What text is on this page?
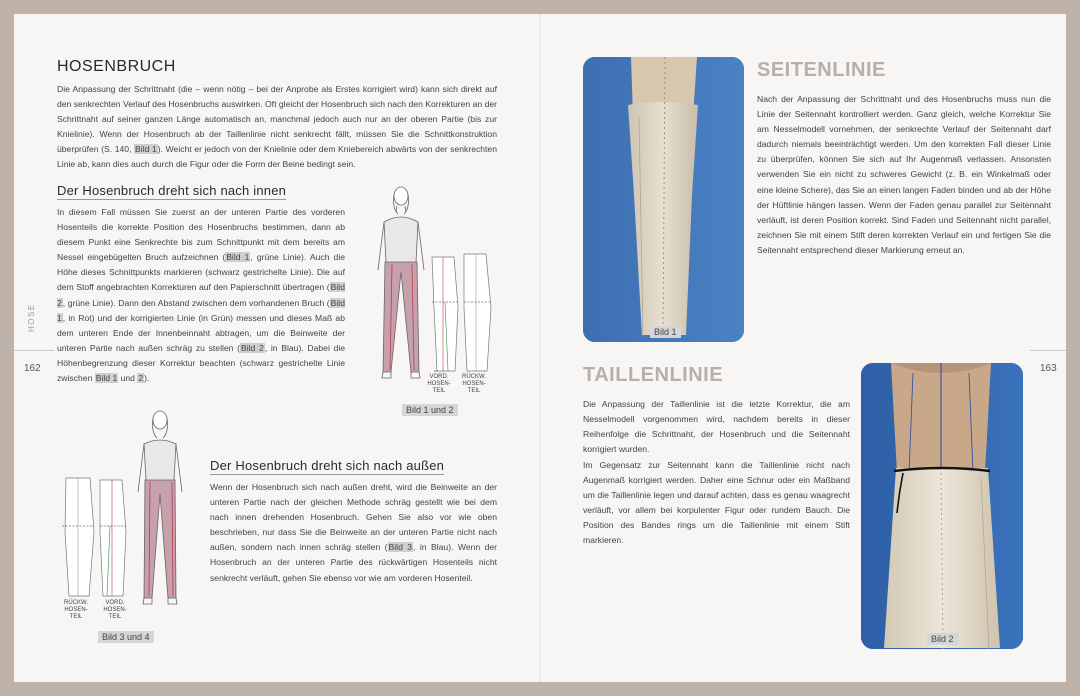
HOSENBRUCH

Die Anpassung der Schrittnaht (die – wenn nötig – bei der Anprobe als Erstes korrigiert wird) kann sich direkt auf den senkrechten Verlauf des Hosenbruchs auswirken. Oft gleicht der Hosenbruch sich nach den Korrekturen an der Schrittnaht auf seiner ganzen Länge automatisch an, manchmal jedoch auch nur an der oberen Partie (bis zur Knielinie). Wenn der Hosenbruch ab der Taillenlinie nicht senkrecht fällt, müssen Sie die Schnittkonstruktion überprüfen (S. 140, Bild 1). Weicht er jedoch von der Knielinie oder dem Kniebereich abwärts von der senkrechten Linie ab, kann dies auch durch die Figur oder die Form der Beine bedingt sein.

Der Hosenbruch dreht sich nach innen

In diesem Fall müssen Sie zuerst an der unteren Partie des vorderen Hosenteils die korrekte Position des Hosenbruchs bestimmen, dann ab diesem Punkt eine Senkrechte bis zum Schnittpunkt mit dem bereits am Nessel eingebügelten Bruch aufzeichnen (Bild 1, grüne Linie). Auch die Höhe dieses Schnittpunkts markieren (schwarz gestrichelte Linie). Die auf dem Stoff angebrachten Korrekturen auf den Papierschnitt übertragen (Bild 2, grüne Linie). Dann den Abstand zwischen dem vorhandenen Bruch (Bild 1, in Rot) und der korrigierten Linie (in Grün) messen und dieses Maß ab dem unteren Ende der Innenbeinnaht abtragen, um die Beinweite der unteren Partie nach außen schräg zu stellen (Bild 2, in Blau). Dabei die Höhenbegrenzung dieser Korrektur beachten (schwarz gestrichelte Linie zwischen Bild 1 und 2).	VORD. HOSEN-TEIL
RÜCKW. HOSEN-TEIL
Bild 1 und 2
RÜCKW. HOSEN-TEIL
VORD. HOSEN-TEIL
Bild 3 und 4
Der Hosenbruch dreht sich nach außen

Wenn der Hosenbruch sich nach außen dreht, wird die Beinweite an der unteren Partie nach der gleichen Methode schräg gestellt wie bei dem nach innen drehenden Hosenbruch. Gehen Sie also vor wie oben beschrieben, nur dass Sie die Beinweite an der unteren Partie nicht nach außen, sondern nach innen schräg stellen (Bild 3, in Blau). Wenn der Hosenbruch an der unteren Partie des rückwärtigen Hosenteils nicht senkrecht verläuft, gehen Sie ebenso vor wie am vorderen Hosenteil.

HOSE
162
Bild 1
SEITENLINIE

Nach der Anpassung der Schrittnaht und des Hosenbruchs muss nun die Linie der Seitennaht kontrolliert werden. Ganz gleich, welche Korrektur Sie am Nesselmodell vornehmen, der senkrechte Verlauf der Seitennaht darf dadurch niemals beeinträchtigt werden. Um den korrekten Fall dieser Linie zu überprüfen, können Sie sich auf Ihr Augenmaß verlassen. Ansonsten verwenden Sie ein nicht zu schweres Gewicht (z. B. ein Winkelmaß oder eine kleine Schere), das Sie an einen langen Faden binden und ab der Höhe der Hüftlinie hängen lassen. Wenn der Faden genau parallel zur Seitennaht verläuft, ist deren Position korrekt. Sind Faden und Seitennaht nicht parallel, zeichnen Sie mit einem Stift deren korrekten Verlauf ein und fertigen Sie die Seitennaht entsprechend dieser Markierung erneut an.

TAILLENLINIE

Die Anpassung der Taillenlinie ist die letzte Korrektur, die am Nesselmodell vorgenommen wird, nachdem bereits in dieser Reihenfolge die Schrittnaht, der Hosenbruch und die Seitennaht korrigiert wurden.

Im Gegensatz zur Seitennaht kann die Taillenlinie nicht nach Augenmaß korrigiert werden. Daher eine Schnur oder ein Maßband um die Taillenlinie legen und darauf achten, dass es genau waagrecht verläuft, vor allem bei korpulenter Figur oder rundem Bauch. Die Position des Bandes rings um die Taillenlinie mit einem Stift markieren.

Bild 2
163
